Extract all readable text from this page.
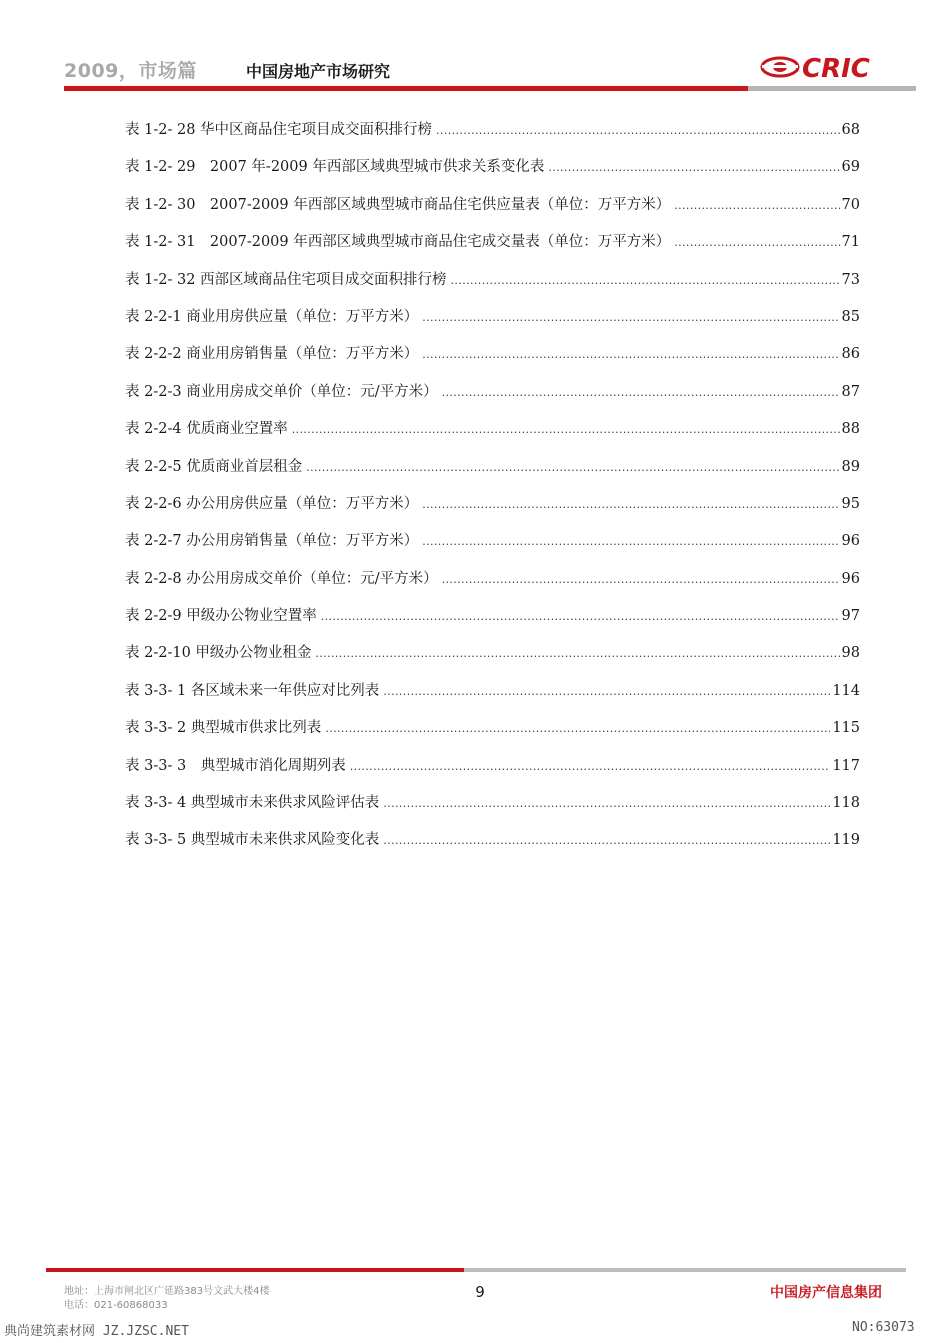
2009，市场篇	中国房地产市场研究	CRIC
表 1-2- 28 华中区商品住宅项目成交面积排行榜 .....	68
表 1-2- 29　2007 年-2009 年西部区域典型城市供求关系变化表 .....	69
表 1-2- 30　2007-2009 年西部区域典型城市商品住宅供应量表（单位：万平方米） .....	70
表 1-2- 31　2007-2009 年西部区域典型城市商品住宅成交量表（单位：万平方米） .....	71
表 1-2- 32 西部区域商品住宅项目成交面积排行榜 .....	73
表 2-2-1 商业用房供应量（单位：万平方米） .....	85
表 2-2-2 商业用房销售量（单位：万平方米） .....	86
表 2-2-3 商业用房成交单价（单位：元/平方米） .....	87
表 2-2-4 优质商业空置率 .....	88
表 2-2-5 优质商业首层租金 .....	89
表 2-2-6 办公用房供应量（单位：万平方米） .....	95
表 2-2-7 办公用房销售量（单位：万平方米） .....	96
表 2-2-8 办公用房成交单价（单位：元/平方米） .....	96
表 2-2-9 甲级办公物业空置率 .....	97
表 2-2-10 甲级办公物业租金 .....	98
表 3-3- 1 各区域未来一年供应对比列表 .....	114
表 3-3- 2 典型城市供求比列表 .....	115
表 3-3- 3　典型城市消化周期列表 .....	117
表 3-3- 4 典型城市未来供求风险评估表 .....	118
表 3-3- 5 典型城市未来供求风险变化表 .....	119
地址：上海市闸北区广延路383号文武大楼4楼
电话：021-60868033
9	中国房产信息集团
典尚建筑素材网 JZ.JZSC.NET	NO:63073
